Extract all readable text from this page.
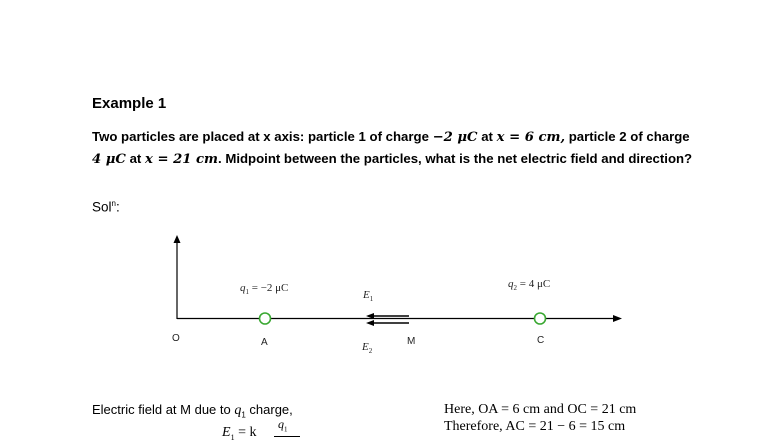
Example 1
Two particles are placed at x axis: particle 1 of charge −2 μC at x = 6 cm, particle 2 of charge 4 μC at x = 21 cm. Midpoint between the particles, what is the net electric field and direction?
Sol$^n$:
$q_1 = -2$ μC	$q_2 = 4$ μC
$E_1$
$E_2$
O	A	M	C
Electric field at M due to $q_1$ charge,
$E_1 = k$
$q_1$
Here, OA = 6 cm and OC = 21 cm
Therefore, AC = 21 − 6 = 15 cm
